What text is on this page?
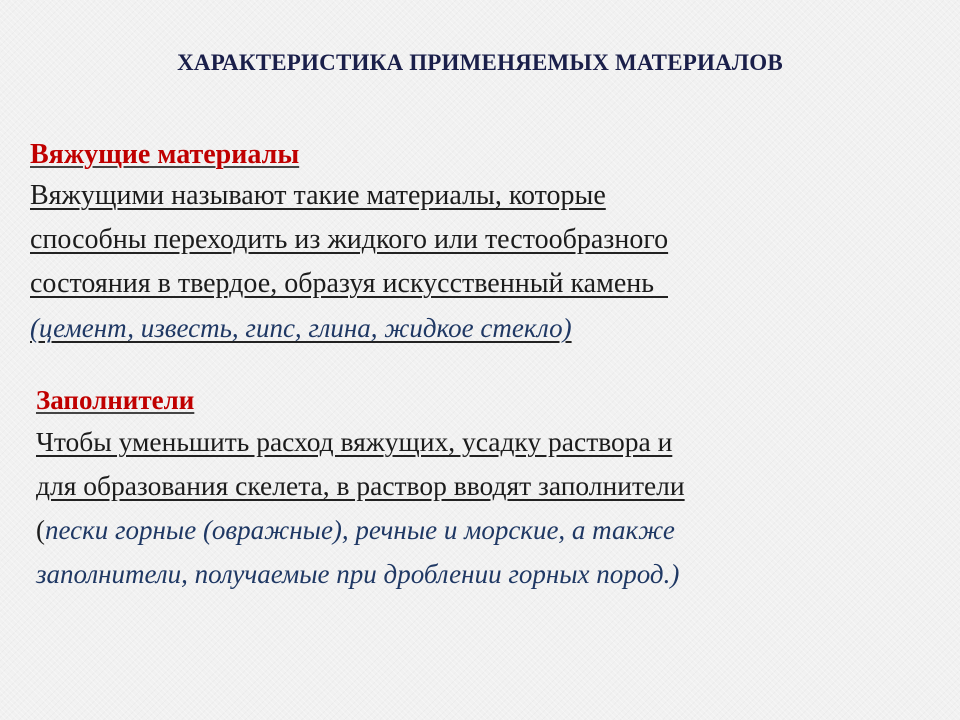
ХАРАКТЕРИСТИКА ПРИМЕНЯЕМЫХ МАТЕРИАЛОВ
Вяжущие материалы
Вяжущими называют такие материалы, которые
способны переходить из жидкого или тестообразного
состояния в твердое, образуя искусственный камень
(цемент, известь, гипс, глина, жидкое стекло)
Заполнители
Чтобы уменьшить расход вяжущих, усадку раствора и
для образования скелета, в раствор вводят заполнители
(пески горные (овражные), речные и морские, а также
заполнители, получаемые при дроблении горных пород.)
